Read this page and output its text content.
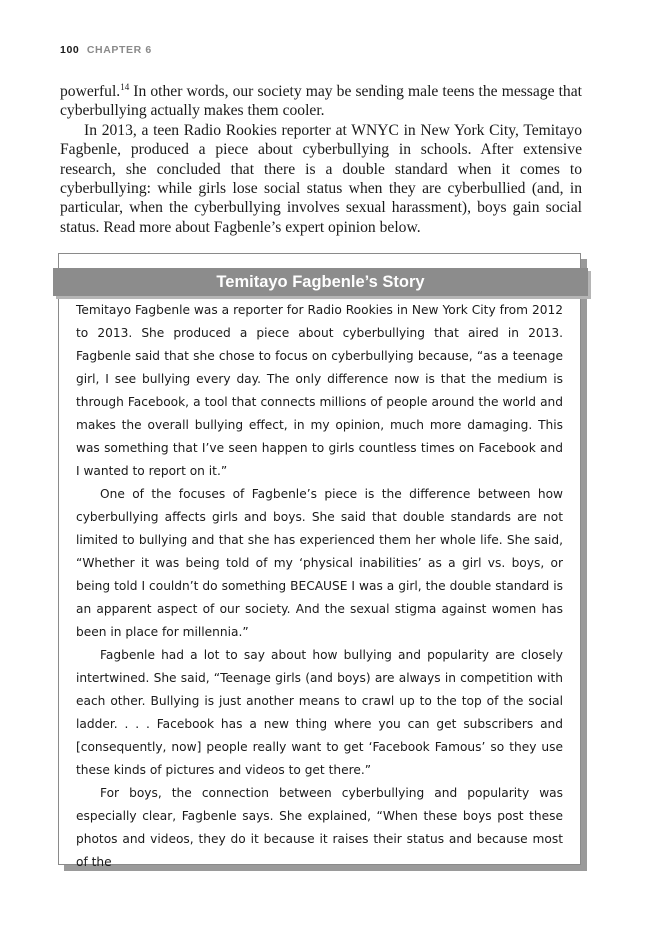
100 CHAPTER 6

powerful.$^{14}$ In other words, our society may be sending male teens the message that cyberbullying actually makes them cooler.

In 2013, a teen Radio Rookies reporter at WNYC in New York City, Temitayo Fagbenle, produced a piece about cyberbullying in schools. After extensive research, she concluded that there is a double standard when it comes to cyberbullying: while girls lose social status when they are cyberbullied (and, in particular, when the cyberbullying involves sexual harassment), boys gain social status. Read more about Fagbenle’s expert opinion below.

Temitayo Fagbenle’s Story

Temitayo Fagbenle was a reporter for Radio Rookies in New York City from 2012 to 2013. She produced a piece about cyberbullying that aired in 2013. Fagbenle said that she chose to focus on cyberbullying because, “as a teenage girl, I see bullying every day. The only difference now is that the medium is through Facebook, a tool that connects millions of people around the world and makes the overall bullying effect, in my opinion, much more damaging. This was something that I’ve seen happen to girls countless times on Facebook and I wanted to report on it.”

One of the focuses of Fagbenle’s piece is the difference between how cyberbullying affects girls and boys. She said that double standards are not limited to bullying and that she has experienced them her whole life. She said, “Whether it was being told of my ‘physical inabilities’ as a girl vs. boys, or being told I couldn’t do something BECAUSE I was a girl, the double standard is an apparent aspect of our society. And the sexual stigma against women has been in place for millennia.”

Fagbenle had a lot to say about how bullying and popularity are closely intertwined. She said, “Teenage girls (and boys) are always in competition with each other. Bullying is just another means to crawl up to the top of the social ladder. . . . Facebook has a new thing where you can get subscribers and [consequently, now] people really want to get ‘Facebook Famous’ so they use these kinds of pictures and videos to get there.”

For boys, the connection between cyberbullying and popularity was especially clear, Fagbenle says. She explained, “When these boys post these photos and videos, they do it because it raises their status and because most of the
